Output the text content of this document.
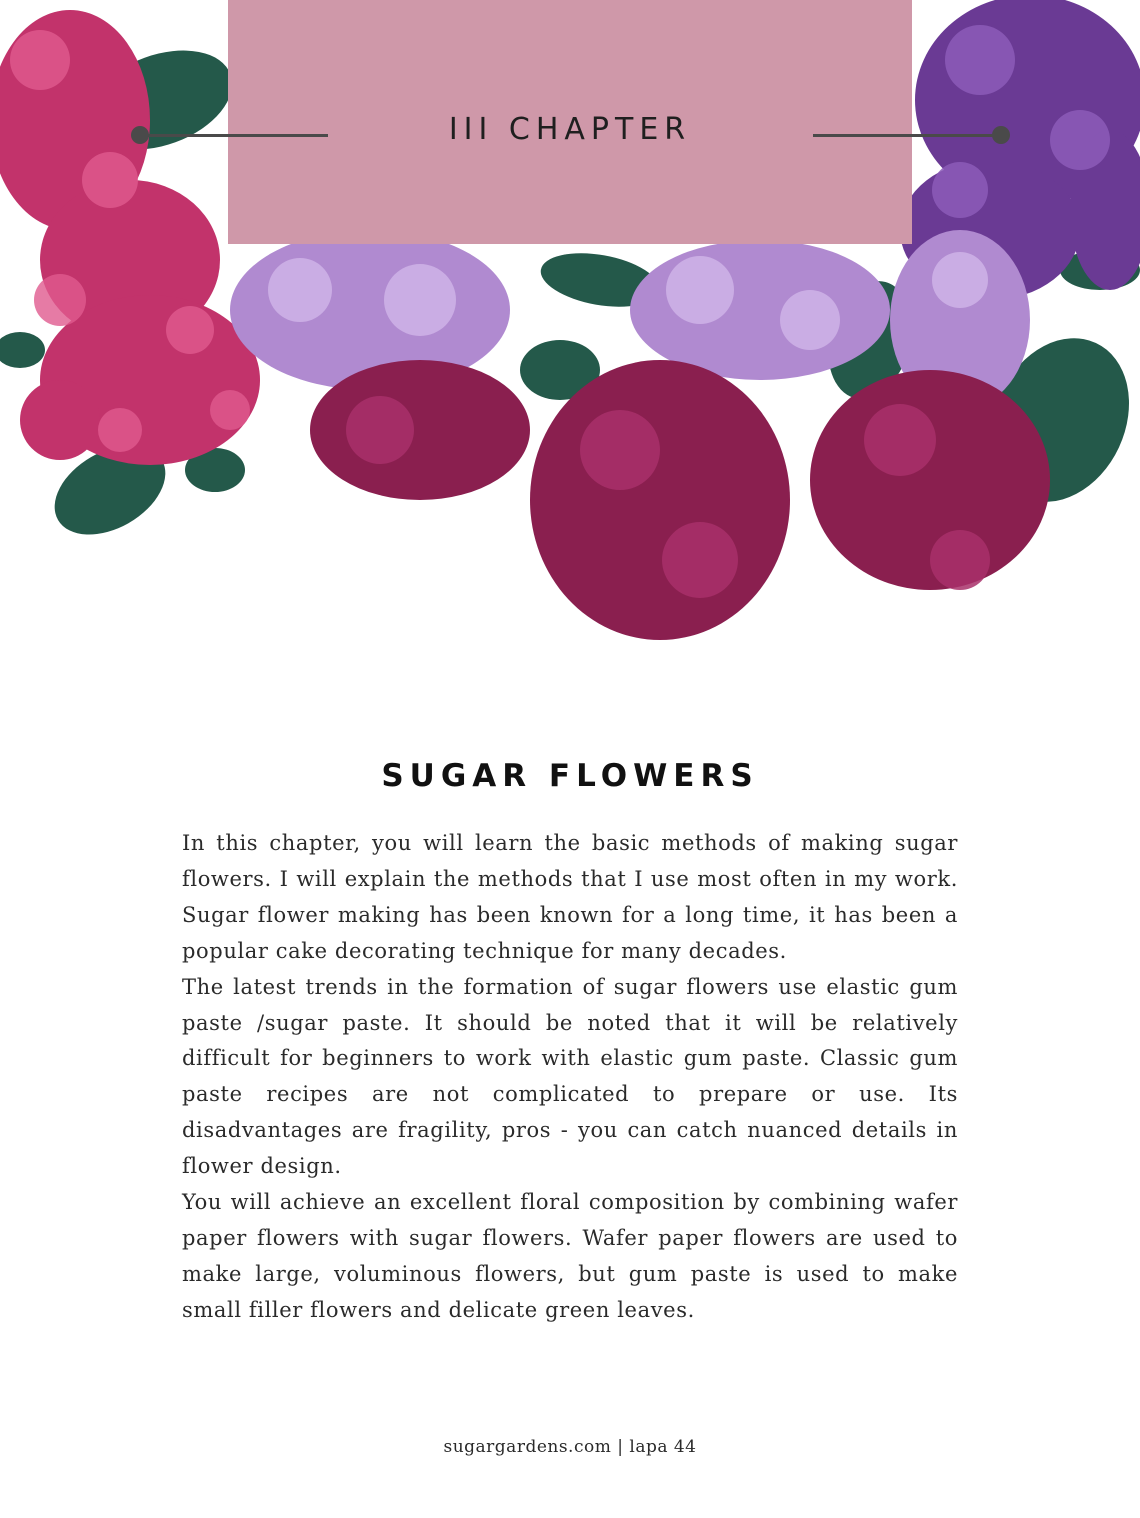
III CHAPTER
SUGAR FLOWERS

In this chapter, you will learn the basic methods of making sugar flowers. I will explain the methods that I use most often in my work. Sugar flower making has been known for a long time, it has been a popular cake decorating technique for many decades.

The latest trends in the formation of sugar flowers use elastic gum paste /sugar paste. It should be noted that it will be relatively difficult for beginners to work with elastic gum paste. Classic gum paste recipes are not complicated to prepare or use. Its disadvantages are fragility, pros - you can catch nuanced details in flower design.

You will achieve an excellent floral composition by combining wafer paper flowers with sugar flowers. Wafer paper flowers are used to make large, voluminous flowers, but gum paste is used to make small filler flowers and delicate green leaves.

sugargardens.com | lapa 44
